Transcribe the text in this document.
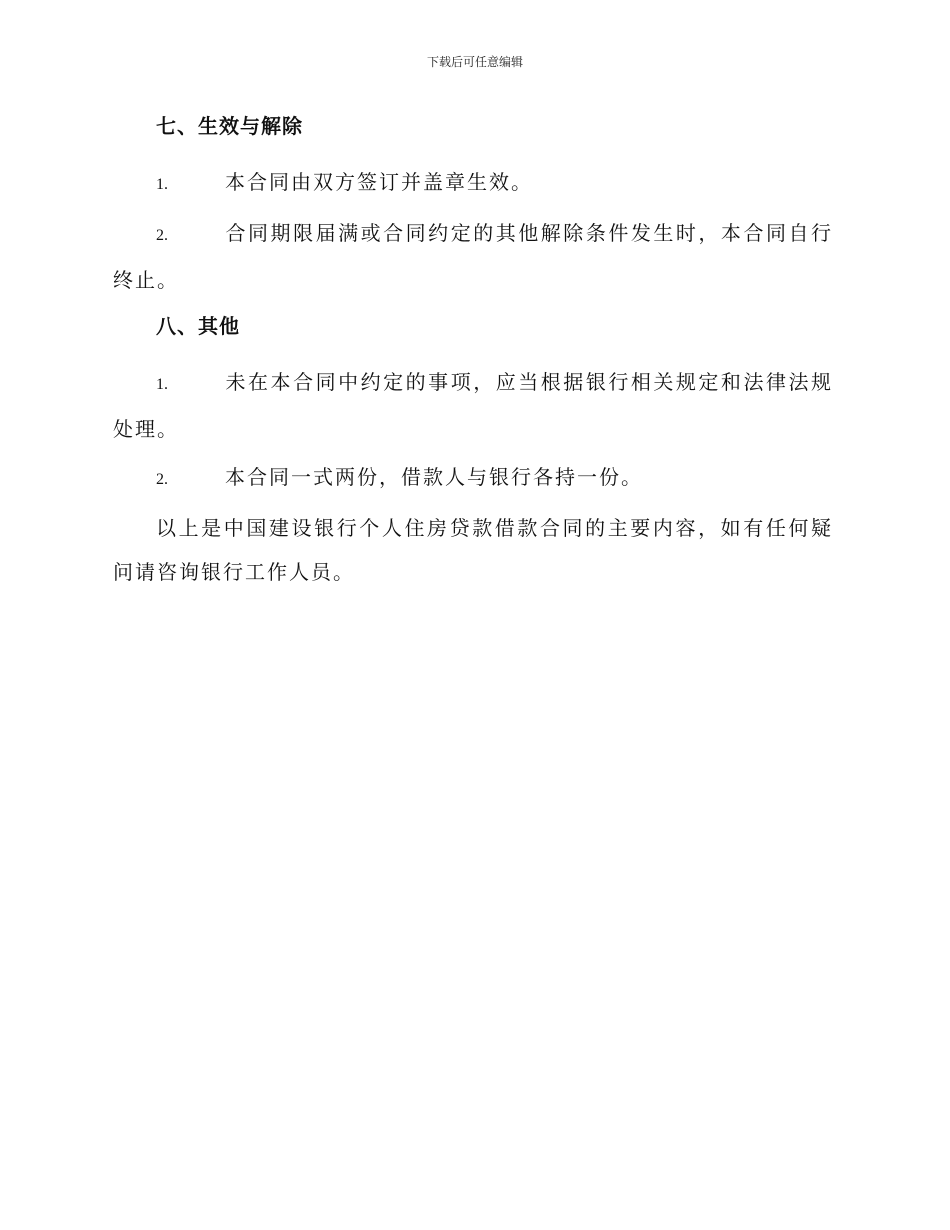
下载后可任意编辑
七、生效与解除
1.	本合同由双方签订并盖章生效。
2.	合同期限届满或合同约定的其他解除条件发生时，本合同自行终止。
八、其他
1.	未在本合同中约定的事项，应当根据银行相关规定和法律法规处理。
2.	本合同一式两份，借款人与银行各持一份。
以上是中国建设银行个人住房贷款借款合同的主要内容，如有任何疑问请咨询银行工作人员。
